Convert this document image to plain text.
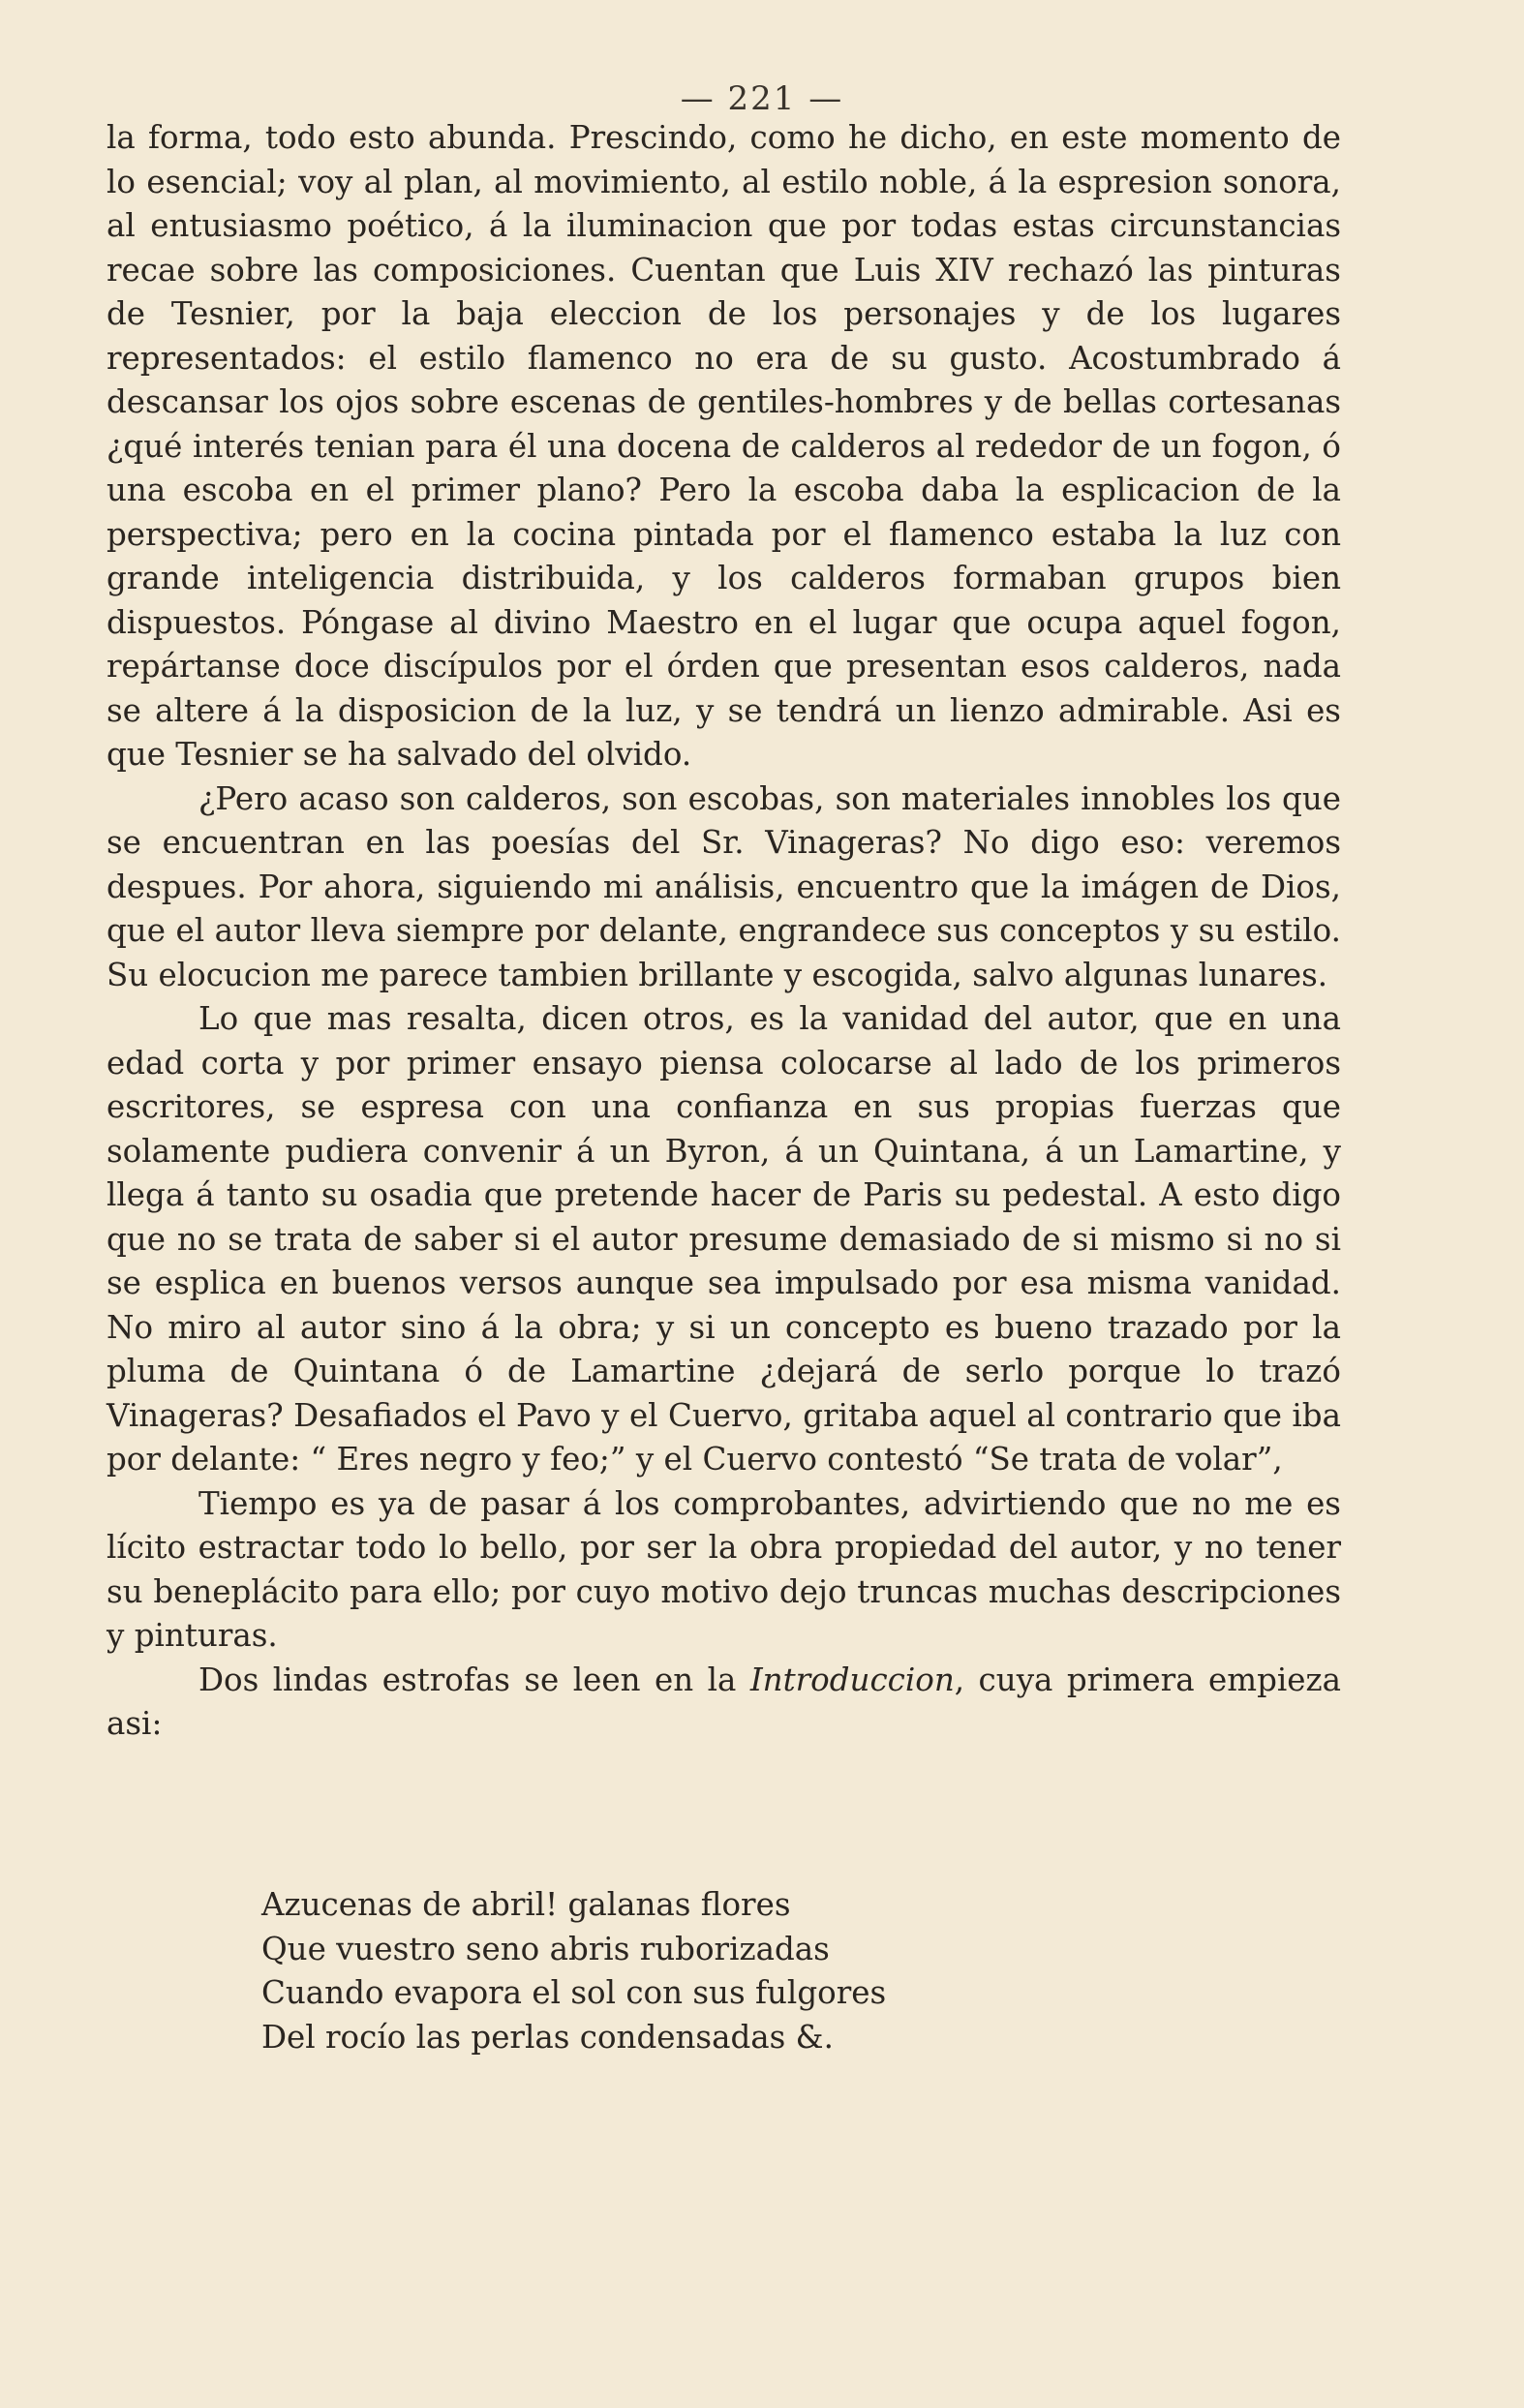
— 221 —

la forma, todo esto abunda. Prescindo, como he dicho, en este momento de lo esencial; voy al plan, al movimiento, al estilo noble, á la espresion sonora, al entusiasmo poético, á la iluminacion que por todas estas circunstancias recae sobre las composiciones. Cuentan que Luis XIV rechazó las pinturas de Tesnier, por la baja eleccion de los personajes y de los lugares representados: el estilo flamenco no era de su gusto. Acostumbrado á descansar los ojos sobre escenas de gentiles-hombres y de bellas cortesanas ¿qué interés tenian para él una docena de calderos al rededor de un fogon, ó una escoba en el primer plano? Pero la escoba daba la esplicacion de la perspectiva; pero en la cocina pintada por el flamenco estaba la luz con grande inteligencia distribuida, y los calderos formaban grupos bien dispuestos. Póngase al divino Maestro en el lugar que ocupa aquel fogon, repártanse doce discípulos por el órden que presentan esos calderos, nada se altere á la disposicion de la luz, y se tendrá un lienzo admirable. Asi es que Tesnier se ha salvado del olvido.

¿Pero acaso son calderos, son escobas, son materiales innobles los que se encuentran en las poesías del Sr. Vinageras? No digo eso: veremos despues. Por ahora, siguiendo mi análisis, encuentro que la imágen de Dios, que el autor lleva siempre por delante, engrandece sus conceptos y su estilo. Su elocucion me parece tambien brillante y escogida, salvo algunas lunares.

Lo que mas resalta, dicen otros, es la vanidad del autor, que en una edad corta y por primer ensayo piensa colocarse al lado de los primeros escritores, se espresa con una confianza en sus propias fuerzas que solamente pudiera convenir á un Byron, á un Quintana, á un Lamartine, y llega á tanto su osadia que pretende hacer de Paris su pedestal. A esto digo que no se trata de saber si el autor presume demasiado de si mismo si no si se esplica en buenos versos aunque sea impulsado por esa misma vanidad. No miro al autor sino á la obra; y si un concepto es bueno trazado por la pluma de Quintana ó de Lamartine ¿dejará de serlo porque lo trazó Vinageras? Desafiados el Pavo y el Cuervo, gritaba aquel al contrario que iba por delante: “ Eres negro y feo;” y el Cuervo contestó “Se trata de volar”,

Tiempo es ya de pasar á los comprobantes, advirtiendo que no me es lícito estractar todo lo bello, por ser la obra propiedad del autor, y no tener su beneplácito para ello; por cuyo motivo dejo truncas muchas descripciones y pinturas.

Dos lindas estrofas se leen en la Introduccion, cuya primera empieza asi:

Azucenas de abril! galanas flores
Que vuestro seno abris ruborizadas
Cuando evapora el sol con sus fulgores
Del rocío las perlas condensadas &.
